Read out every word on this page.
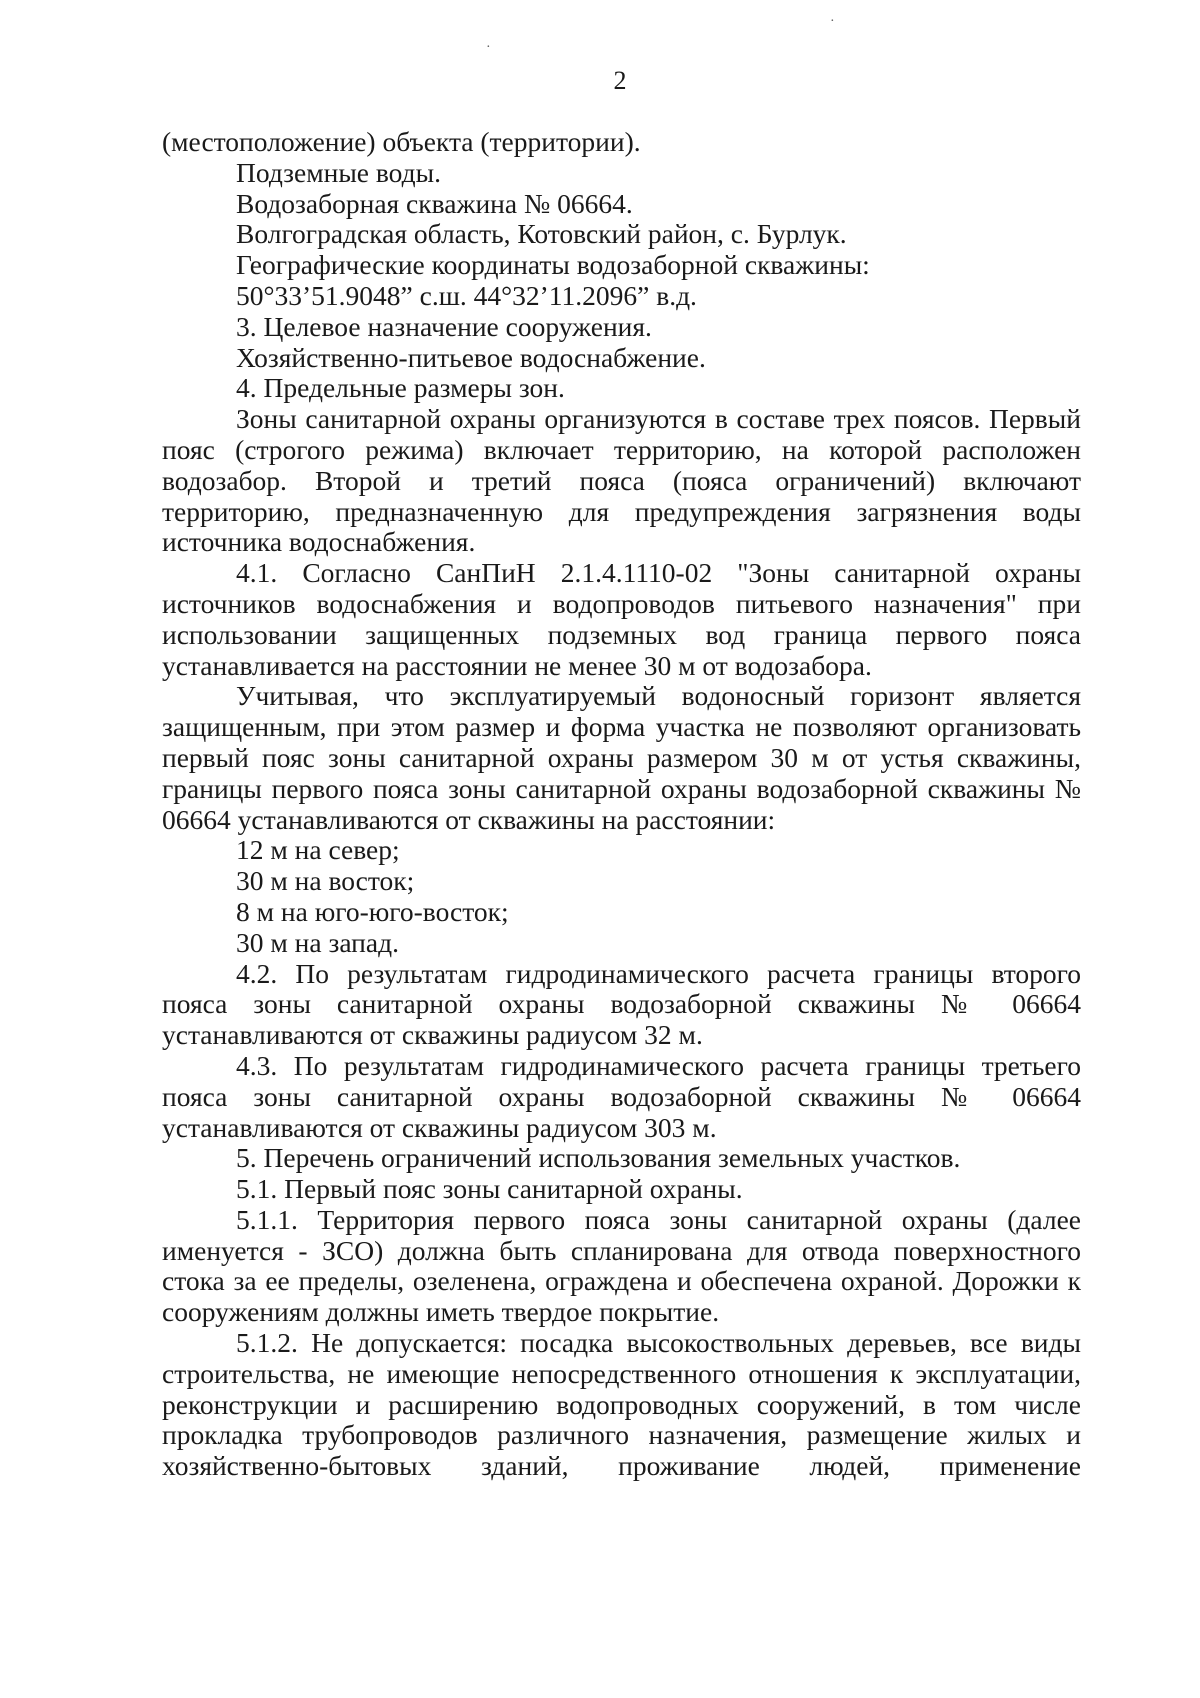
·
·
2

(местоположение) объекта (территории).

Подземные воды.

Водозаборная скважина № 06664.

Волгоградская область, Котовский район, с. Бурлук.

Географические координаты водозаборной скважины:

50°33’51.9048” с.ш. 44°32’11.2096” в.д.

3. Целевое назначение сооружения.

Хозяйственно-питьевое водоснабжение.

4. Предельные размеры зон.

Зоны санитарной охраны организуются в составе трех поясов. Первый пояс (строгого режима) включает территорию, на которой расположен водозабор. Второй и третий пояса (пояса ограничений) включают территорию, предназначенную для предупреждения загрязнения воды источника водоснабжения.

4.1. Согласно СанПиН 2.1.4.1110-02 "Зоны санитарной охраны источников водоснабжения и водопроводов питьевого назначения" при использовании защищенных подземных вод граница первого пояса устанавливается на расстоянии не менее 30 м от водозабора.

Учитывая, что эксплуатируемый водоносный горизонт является защищенным, при этом размер и форма участка не позволяют организовать первый пояс зоны санитарной охраны размером 30 м от устья скважины, границы первого пояса зоны санитарной охраны водозаборной скважины № 06664 устанавливаются от скважины на расстоянии:

12 м на север;

30 м на восток;

8 м на юго-юго-восток;

30 м на запад.

4.2. По результатам гидродинамического расчета границы второго пояса зоны санитарной охраны водозаборной скважины № 06664 устанавливаются от скважины радиусом 32 м.

4.3. По результатам гидродинамического расчета границы третьего пояса зоны санитарной охраны водозаборной скважины № 06664 устанавливаются от скважины радиусом 303 м.

5. Перечень ограничений использования земельных участков.

5.1. Первый пояс зоны санитарной охраны.

5.1.1. Территория первого пояса зоны санитарной охраны (далее именуется - ЗСО) должна быть спланирована для отвода поверхностного стока за ее пределы, озеленена, ограждена и обеспечена охраной. Дорожки к сооружениям должны иметь твердое покрытие.

5.1.2. Не допускается: посадка высокоствольных деревьев, все виды строительства, не имеющие непосредственного отношения к эксплуатации, реконструкции и расширению водопроводных сооружений, в том числе прокладка трубопроводов различного назначения, размещение жилых и хозяйственно-бытовых зданий, проживание людей, применение
